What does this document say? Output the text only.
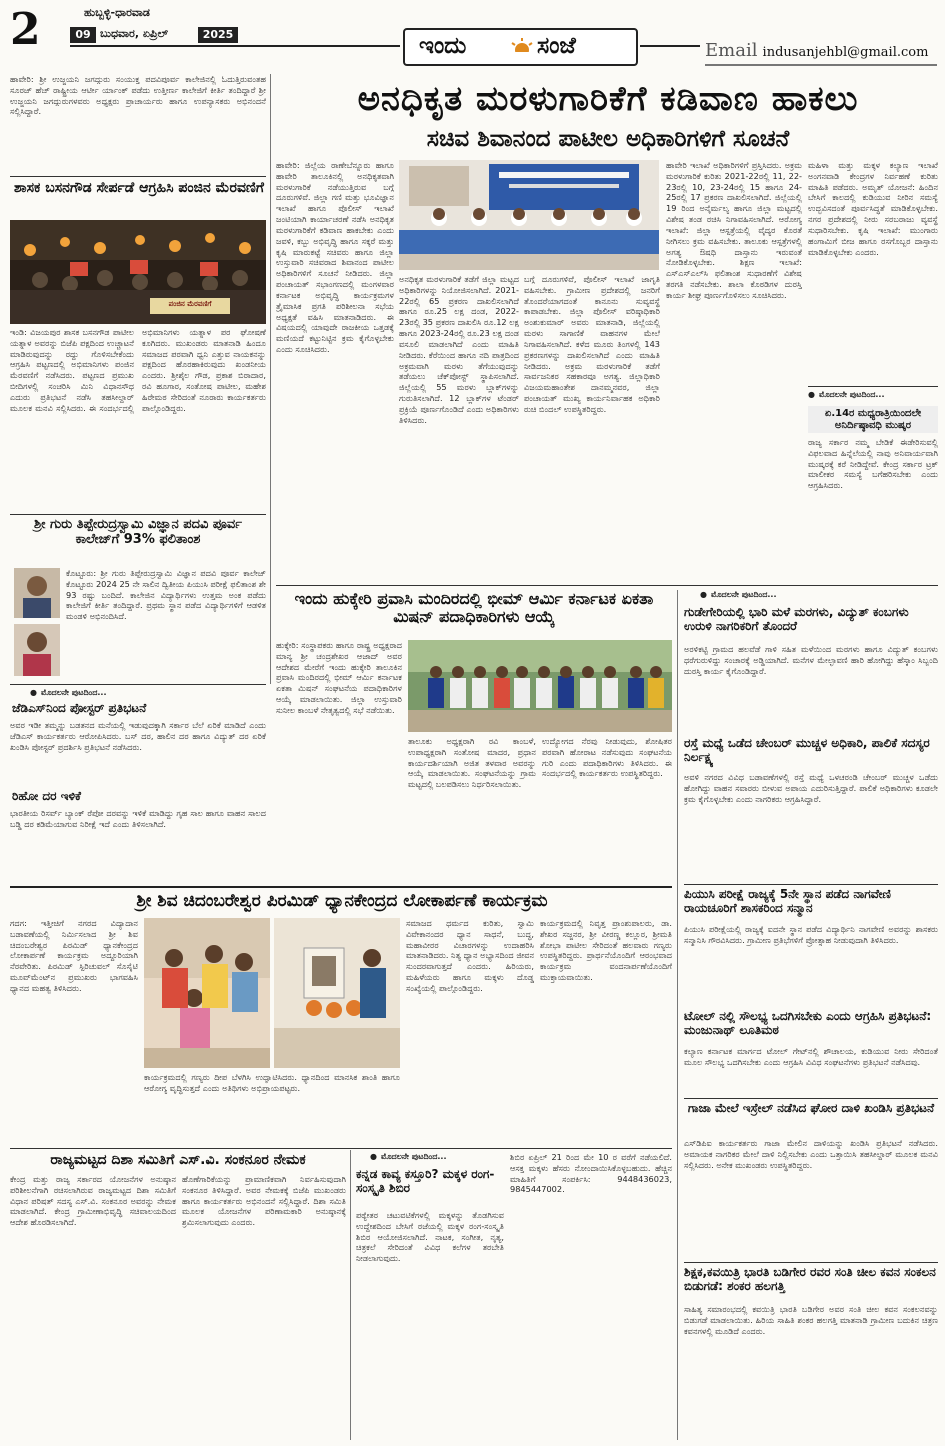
2	ಹುಬ್ಬಳ್ಳಿ-ಧಾರವಾಡ
09 ಬುಧವಾರ, ಏಪ್ರಿಲ್	2025	ಇಂದು	ಸಂಜೆ	Email indusanjehbl@gmail.com
ಹಾವೇರಿ: ಶ್ರೀ ಉಜ್ಜಯನಿ ಜಗದ್ಗುರು ಸಂಯುಕ್ತ ಪದವಿಪೂರ್ವ ಕಾಲೇಜಿನಲ್ಲಿ ಓದುತ್ತಿರುವಂತಹ ಸೂರಜ್ ಹೆಚ್ ರಾಷ್ಟ್ರೀಯ ಆರ್ಟೀ ರ್ಯಾಂಕ್ ಪಡೆದು ಉತ್ತೀರ್ಣ ಕಾಲೇಜಿಗೆ ಕೀರ್ತಿ ತಂದಿದ್ದಾರೆ ಶ್ರೀ ಉಜ್ಜಯನಿ ಜಗದ್ಗುರುಗಳವರು ಅಧ್ಯಕ್ಷರು ಪ್ರಾಚಾರ್ಯರು ಹಾಗೂ ಉಪನ್ಯಾಸಕರು ಅಭಿನಂದನೆ ಸಲ್ಲಿಸಿದ್ದಾರೆ.
ಶಾಸಕ ಬಸನಗೌಡ ಸೇರ್ಪಡೆ ಆಗ್ರಹಿಸಿ ಪಂಜಿನ ಮೆರವಣಿಗೆ
ಪಂಜಿನ ಮೆರವಣಿಗೆ
ಇಂಡಿ: ವಿಜಯಪುರ ಶಾಸಕ ಬಸನಗೌಡ ಪಾಟೀಲ ಯತ್ನಾಳ ಅವರನ್ನು ಬಿಜೆಪಿ ಪಕ್ಷದಿಂದ ಉಚ್ಚಾಟನೆ ಮಾಡಿರುವುದನ್ನು ರದ್ದು ಗೊಳಿಸಬೇಕೆಂದು ಆಗ್ರಹಿಸಿ ಪಟ್ಟಣದಲ್ಲಿ ಅಭಿಮಾನಿಗಳು ಪಂಜಿನ ಮೆರವಣಿಗೆ ನಡೆಸಿದರು. ಪಟ್ಟಣದ ಪ್ರಮುಖ ಬೀದಿಗಳಲ್ಲಿ ಸಂಚರಿಸಿ ಮಿನಿ ವಿಧಾನಸೌಧ ಎದುರು ಪ್ರತಿಭಟನೆ ನಡೆಸಿ ತಹಸೀಲ್ದಾರ್ ಮೂಲಕ ಮನವಿ ಸಲ್ಲಿಸಿದರು. ಈ ಸಂದರ್ಭದಲ್ಲಿ ಅಭಿಮಾನಿಗಳು ಯತ್ನಾಳ ಪರ ಘೋಷಣೆ ಕೂಗಿದರು. ಮುಖಂಡರು ಮಾತನಾಡಿ ಹಿಂದೂ ಸಮಾಜದ ಪರವಾಗಿ ಧ್ವನಿ ಎತ್ತುವ ನಾಯಕನನ್ನು ಪಕ್ಷದಿಂದ ಹೊರಹಾಕಿರುವುದು ಖಂಡನೀಯ ಎಂದರು. ಶ್ರೀಶೈಲ ಗೌಡ, ಪ್ರಕಾಶ ಬಿರಾದಾರ, ರವಿ ಹೂಗಾರ, ಸಂತೋಷ ಪಾಟೀಲ, ಮಹೇಶ ಹಿರೇಮಠ ಸೇರಿದಂತೆ ನೂರಾರು ಕಾರ್ಯಕರ್ತರು ಪಾಲ್ಗೊಂಡಿದ್ದರು.
ಶ್ರೀ ಗುರು ತಿಪ್ಪೇರುದ್ರಸ್ವಾಮಿ ವಿಜ್ಞಾನ ಪದವಿ ಪೂರ್ವ ಕಾಲೇಜ್‌ಗೆ 93% ಫಲಿತಾಂಶ
ಕೊಟ್ಟೂರು: ಶ್ರೀ ಗುರು ತಿಪ್ಪೇರುದ್ರಸ್ವಾಮಿ ವಿಜ್ಞಾನ ಪದವಿ ಪೂರ್ವ ಕಾಲೇಜ್ ಕೊಟ್ಟೂರು 2024 25 ನೇ ಸಾಲಿನ ದ್ವಿತೀಯ ಪಿಯುಸಿ ಪರೀಕ್ಷೆ ಫಲಿತಾಂಶ ಶೇ 93 ರಷ್ಟು ಬಂದಿದೆ. ಕಾಲೇಜಿನ ವಿದ್ಯಾರ್ಥಿಗಳು ಉತ್ತಮ ಅಂಕ ಪಡೆದು ಕಾಲೇಜಿಗೆ ಕೀರ್ತಿ ತಂದಿದ್ದಾರೆ. ಪ್ರಥಮ ಸ್ಥಾನ ಪಡೆದ ವಿದ್ಯಾರ್ಥಿಗಳಿಗೆ ಆಡಳಿತ ಮಂಡಳಿ ಅಭಿನಂದಿಸಿದೆ.
ಅನಧಿಕೃತ ಮರಳುಗಾರಿಕೆಗೆ ಕಡಿವಾಣ ಹಾಕಲು
ಸಚಿವ ಶಿವಾನಂದ ಪಾಟೀಲ ಅಧಿಕಾರಿಗಳಿಗೆ ಸೂಚನೆ
ಹಾವೇರಿ: ಜಿಲ್ಲೆಯ ರಾಣೇಬೆನ್ನೂರು ಹಾಗೂ ಹಾವೇರಿ ತಾಲೂಕಿನಲ್ಲಿ ಅನಧಿಕೃತವಾಗಿ ಮರಳುಗಾರಿಕೆ ನಡೆಯುತ್ತಿರುವ ಬಗ್ಗೆ ದೂರುಗಳಿವೆ. ಜಿಲ್ಲಾ ಗಣಿ ಮತ್ತು ಭೂವಿಜ್ಞಾನ ಇಲಾಖೆ ಹಾಗೂ ಪೊಲೀಸ್ ಇಲಾಖೆ ಜಂಟಿಯಾಗಿ ಕಾರ್ಯಾಚರಣೆ ನಡೆಸಿ ಅನಧಿಕೃತ ಮರಳುಗಾರಿಕೆಗೆ ಕಡಿವಾಣ ಹಾಕಬೇಕು ಎಂದು ಜವಳಿ, ಕಬ್ಬು ಅಭಿವೃದ್ಧಿ ಹಾಗೂ ಸಕ್ಕರೆ ಮತ್ತು ಕೃಷಿ ಮಾರುಕಟ್ಟೆ ಸಚಿವರು ಹಾಗೂ ಜಿಲ್ಲಾ ಉಸ್ತುವಾರಿ ಸಚಿವರಾದ ಶಿವಾನಂದ ಪಾಟೀಲ ಅಧಿಕಾರಿಗಳಿಗೆ ಸೂಚನೆ ನೀಡಿದರು. ಜಿಲ್ಲಾ ಪಂಚಾಯತ್ ಸಭಾಂಗಣದಲ್ಲಿ ಮಂಗಳವಾರ ಕರ್ನಾಟಕ ಅಭಿವೃದ್ಧಿ ಕಾರ್ಯಕ್ರಮಗಳ ತ್ರೈಮಾಸಿಕ ಪ್ರಗತಿ ಪರಿಶೀಲನಾ ಸಭೆಯ ಅಧ್ಯಕ್ಷತೆ ವಹಿಸಿ ಮಾತನಾಡಿದರು. ಈ ವಿಷಯದಲ್ಲಿ ಯಾವುದೇ ರಾಜಕೀಯ ಒತ್ತಡಕ್ಕೆ ಮಣಿಯದೆ ಕಟ್ಟುನಿಟ್ಟಿನ ಕ್ರಮ ಕೈಗೊಳ್ಳಬೇಕು ಎಂದು ಸೂಚಿಸಿದರು.
ಅನಧಿಕೃತ ಮರಳುಗಾರಿಕೆ ತಡೆಗೆ ಜಿಲ್ಲಾ ಮಟ್ಟದ ಅಧಿಕಾರಿಗಳನ್ನು ನಿಯೋಜಿಸಲಾಗಿದೆ. 2021-22ರಲ್ಲಿ 65 ಪ್ರಕರಣ ದಾಖಲಿಸಲಾಗಿದೆ ಹಾಗೂ ರೂ.25 ಲಕ್ಷ ದಂಡ, 2022-23ರಲ್ಲಿ 35 ಪ್ರಕರಣ ದಾಖಲಿಸಿ ರೂ.12 ಲಕ್ಷ ಹಾಗೂ 2023-24ರಲ್ಲಿ ರೂ.23 ಲಕ್ಷ ದಂಡ ವಸೂಲಿ ಮಾಡಲಾಗಿದೆ ಎಂದು ಮಾಹಿತಿ ನೀಡಿದರು. ಕೆರೆಯಿಂದ ಹಾಗೂ ನದಿ ಪಾತ್ರದಿಂದ ಅಕ್ರಮವಾಗಿ ಮರಳು ತೆಗೆಯುವುದನ್ನು ತಡೆಯಲು ಚೆಕ್‌ಪೋಸ್ಟ್ ಸ್ಥಾಪಿಸಲಾಗಿದೆ. ಜಿಲ್ಲೆಯಲ್ಲಿ 55 ಮರಳು ಬ್ಲಾಕ್‌ಗಳನ್ನು ಗುರುತಿಸಲಾಗಿದೆ. 12 ಬ್ಲಾಕ್‌ಗಳ ಟೆಂಡರ್ ಪ್ರಕ್ರಿಯೆ ಪೂರ್ಣಗೊಂಡಿದೆ ಎಂದು ಅಧಿಕಾರಿಗಳು ತಿಳಿಸಿದರು.
ಬಗ್ಗೆ ದೂರುಗಳಿವೆ, ಪೊಲೀಸ್ ಇಲಾಖೆ ಜಾಗೃತಿ ವಹಿಸಬೇಕು. ಗ್ರಾಮೀಣ ಪ್ರದೇಶದಲ್ಲಿ ಜನರಿಗೆ ತೊಂದರೆಯಾಗದಂತೆ ಕಾನೂನು ಸುವ್ಯವಸ್ಥೆ ಕಾಪಾಡಬೇಕು. ಜಿಲ್ಲಾ ಪೊಲೀಸ್ ವರಿಷ್ಠಾಧಿಕಾರಿ ಅಂಶುಕುಮಾರ್ ಅವರು ಮಾತನಾಡಿ, ಜಿಲ್ಲೆಯಲ್ಲಿ ಮರಳು ಸಾಗಾಣಿಕೆ ವಾಹನಗಳ ಮೇಲೆ ನಿಗಾವಹಿಸಲಾಗಿದೆ. ಕಳೆದ ಮೂರು ತಿಂಗಳಲ್ಲಿ 143 ಪ್ರಕರಣಗಳನ್ನು ದಾಖಲಿಸಲಾಗಿದೆ ಎಂದು ಮಾಹಿತಿ ನೀಡಿದರು. ಅಕ್ರಮ ಮರಳುಗಾರಿಕೆ ತಡೆಗೆ ಸಾರ್ವಜನಿಕರ ಸಹಕಾರವೂ ಅಗತ್ಯ. ಜಿಲ್ಲಾಧಿಕಾರಿ ವಿಜಯಮಹಾಂತೇಶ ದಾನಮ್ಮನವರ, ಜಿಲ್ಲಾ ಪಂಚಾಯತ್ ಮುಖ್ಯ ಕಾರ್ಯನಿರ್ವಾಹಕ ಅಧಿಕಾರಿ ರುಚಿ ಬಿಂದಲ್ ಉಪಸ್ಥಿತರಿದ್ದರು.
ಹಾವೇರಿ ಇಲಾಖೆ ಅಧಿಕಾರಿಗಳಿಗೆ ಪ್ರಸ್ತಿಸಿದರು. ಅಕ್ರಮ ಮರಳುಗಾರಿಕೆ ಕುರಿತು 2021-22ರಲ್ಲಿ 11, 22-23ರಲ್ಲಿ 10, 23-24ರಲ್ಲಿ 15 ಹಾಗೂ 24-25ರಲ್ಲಿ 17 ಪ್ರಕರಣ ದಾಖಲಿಸಲಾಗಿದೆ. ಜಿಲ್ಲೆಯಲ್ಲಿ 19 ರಿಂದ ಅನೈರ್ಮಲ್ಯ ಹಾಗೂ ಜಿಲ್ಲಾ ಮಟ್ಟದಲ್ಲಿ ವಿಶೇಷ ತಂಡ ರಚಿಸಿ ನಿಗಾವಹಿಸಲಾಗಿದೆ. ಆರೋಗ್ಯ ಇಲಾಖೆ: ಜಿಲ್ಲಾ ಆಸ್ಪತ್ರೆಯಲ್ಲಿ ವೈದ್ಯರ ಕೊರತೆ ನೀಗಿಸಲು ಕ್ರಮ ವಹಿಸಬೇಕು. ತಾಲೂಕು ಆಸ್ಪತ್ರೆಗಳಲ್ಲಿ ಅಗತ್ಯ ಔಷಧಿ ದಾಸ್ತಾನು ಇರುವಂತೆ ನೋಡಿಕೊಳ್ಳಬೇಕು. ಶಿಕ್ಷಣ ಇಲಾಖೆ: ಎಸ್‌ಎಸ್‌ಎಲ್‌ಸಿ ಫಲಿತಾಂಶ ಸುಧಾರಣೆಗೆ ವಿಶೇಷ ತರಗತಿ ನಡೆಸಬೇಕು. ಶಾಲಾ ಕೊಠಡಿಗಳ ದುರಸ್ತಿ ಕಾರ್ಯ ಶೀಘ್ರ ಪೂರ್ಣಗೊಳಿಸಲು ಸೂಚಿಸಿದರು.
ಮಹಿಳಾ ಮತ್ತು ಮಕ್ಕಳ ಕಲ್ಯಾಣ ಇಲಾಖೆ ಅಂಗನವಾಡಿ ಕೇಂದ್ರಗಳ ನಿರ್ವಹಣೆ ಕುರಿತು ಮಾಹಿತಿ ಪಡೆದರು. ಅಮೃತ್ ಯೋಜನೆ: ಹಿಂದಿನ ಬೇಸಿಗೆ ಕಾಲದಲ್ಲಿ ಕುಡಿಯುವ ನೀರಿನ ಸಮಸ್ಯೆ ಉದ್ಭವಿಸದಂತೆ ಪೂರ್ವಸಿದ್ಧತೆ ಮಾಡಿಕೊಳ್ಳಬೇಕು. ನಗರ ಪ್ರದೇಶದಲ್ಲಿ ನೀರು ಸರಬರಾಜು ವ್ಯವಸ್ಥೆ ಸುಧಾರಿಸಬೇಕು. ಕೃಷಿ ಇಲಾಖೆ: ಮುಂಗಾರು ಹಂಗಾಮಿಗೆ ಬೀಜ ಹಾಗೂ ರಸಗೊಬ್ಬರ ದಾಸ್ತಾನು ಮಾಡಿಕೊಳ್ಳಬೇಕು ಎಂದರು.
● ಮೊದಲನೇ ಪುಟದಿಂದ...
ಏ.14ರ ಮಧ್ಯರಾತ್ರಿಯಿಂದಲೇ ಅನಿರ್ದಿಷ್ಠಾವಧಿ ಮುಷ್ಕರ
ರಾಜ್ಯ ಸರ್ಕಾರ ನಮ್ಮ ಬೇಡಿಕೆ ಈಡೇರಿಸುವಲ್ಲಿ ವಿಫಲವಾದ ಹಿನ್ನೆಲೆಯಲ್ಲಿ ನಾವು ಅನಿವಾರ್ಯವಾಗಿ ಮುಷ್ಕರಕ್ಕೆ ಕರೆ ನೀಡಿದ್ದೇವೆ. ಕೇಂದ್ರ ಸರ್ಕಾರ ಟ್ರಕ್ ಮಾಲೀಕರ ಸಮಸ್ಯೆ ಬಗೆಹರಿಸಬೇಕು ಎಂದು ಆಗ್ರಹಿಸಿದರು.
ಇಂದು ಹುಕ್ಕೇರಿ ಪ್ರವಾಸಿ ಮಂದಿರದಲ್ಲಿ ಭೀಮ್ ಆರ್ಮಿ ಕರ್ನಾಟಕ ಏಕತಾ ಮಿಷನ್ ಪದಾಧಿಕಾರಿಗಳು ಆಯ್ಕೆ
ಹುಕ್ಕೇರಿ: ಸಂಸ್ಥಾಪಕರು ಹಾಗೂ ರಾಷ್ಟ್ರ ಅಧ್ಯಕ್ಷರಾದ ಮಾನ್ಯ ಶ್ರೀ ಚಂದ್ರಶೇಖರ ಆಜಾದ್ ಅವರ ಆದೇಶದ ಮೇರೆಗೆ ಇಂದು ಹುಕ್ಕೇರಿ ತಾಲೂಕಿನ ಪ್ರವಾಸಿ ಮಂದಿರದಲ್ಲಿ ಭೀಮ್ ಆರ್ಮಿ ಕರ್ನಾಟಕ ಏಕತಾ ಮಿಷನ್ ಸಂಘಟನೆಯ ಪದಾಧಿಕಾರಿಗಳ ಆಯ್ಕೆ ಮಾಡಲಾಯಿತು. ಜಿಲ್ಲಾ ಉಸ್ತುವಾರಿ ಸುನೀಲ ಕಾಂಬಳೆ ನೇತೃತ್ವದಲ್ಲಿ ಸಭೆ ನಡೆಯಿತು.
ತಾಲೂಕು ಅಧ್ಯಕ್ಷರಾಗಿ ರವಿ ಕಾಂಬಳೆ, ಉಪಾಧ್ಯಕ್ಷರಾಗಿ ಸಂತೋಷ ಮಾದರ, ಪ್ರಧಾನ ಕಾರ್ಯದರ್ಶಿಯಾಗಿ ಅಜಿತ ತಳವಾರ ಅವರನ್ನು ಆಯ್ಕೆ ಮಾಡಲಾಯಿತು. ಸಂಘಟನೆಯನ್ನು ಗ್ರಾಮ ಮಟ್ಟದಲ್ಲಿ ಬಲಪಡಿಸಲು ನಿರ್ಧರಿಸಲಾಯಿತು.
ಉದ್ಯೋಗದ ನೆರವು ನೀಡುವುದು, ಶೋಷಿತರ ಪರವಾಗಿ ಹೋರಾಟ ನಡೆಸುವುದು ಸಂಘಟನೆಯ ಗುರಿ ಎಂದು ಪದಾಧಿಕಾರಿಗಳು ತಿಳಿಸಿದರು. ಈ ಸಂದರ್ಭದಲ್ಲಿ ಕಾರ್ಯಕರ್ತರು ಉಪಸ್ಥಿತರಿದ್ದರು.
● ಮೊದಲನೇ ಪುಟದಿಂದ...
ಜೆಡಿಎಸ್‌ನಿಂದ ಪೋಸ್ಟರ್ ಪ್ರತಿಭಟನೆ
ಅವರ ಇಡೀ ತಮ್ಮನ್ನು ಬಡತನದ ಮನೆಯಲ್ಲಿ ಇಡುವುದಕ್ಕಾಗಿ ಸರ್ಕಾರ ಬೆಲೆ ಏರಿಕೆ ಮಾಡಿದೆ ಎಂದು ಜೆಡಿಎಸ್ ಕಾರ್ಯಕರ್ತರು ಆರೋಪಿಸಿದರು. ಬಸ್ ದರ, ಹಾಲಿನ ದರ ಹಾಗೂ ವಿದ್ಯುತ್ ದರ ಏರಿಕೆ ಖಂಡಿಸಿ ಪೋಸ್ಟರ್ ಪ್ರದರ್ಶಿಸಿ ಪ್ರತಿಭಟನೆ ನಡೆಸಿದರು.
ರಿಹೋ ದರ ಇಳಿಕೆ
ಭಾರತೀಯ ರಿಸರ್ವ್ ಬ್ಯಾಂಕ್ ರೆಪೋ ದರವನ್ನು ಇಳಿಕೆ ಮಾಡಿದ್ದು ಗೃಹ ಸಾಲ ಹಾಗೂ ವಾಹನ ಸಾಲದ ಬಡ್ಡಿ ದರ ಕಡಿಮೆಯಾಗುವ ನಿರೀಕ್ಷೆ ಇದೆ ಎಂದು ತಿಳಿಸಲಾಗಿದೆ.
● ಮೊದಲನೇ ಪುಟದಿಂದ...
ಗುಡೇಗೇರಿಯಲ್ಲಿ ಭಾರಿ ಮಳೆ ಮರಗಳು, ವಿದ್ಯುತ್ ಕಂಬಗಳು ಉರುಳಿ ನಾಗರಿಕರಿಗೆ ತೊಂದರೆ
ಅರಳಿಕಟ್ಟಿ ಗ್ರಾಮದ ಹಲವೆಡೆ ಗಾಳಿ ಸಹಿತ ಮಳೆಯಿಂದ ಮರಗಳು ಹಾಗೂ ವಿದ್ಯುತ್ ಕಂಬಗಳು ಧರೆಗುರುಳಿದ್ದು ಸಂಚಾರಕ್ಕೆ ಅಡ್ಡಿಯಾಗಿದೆ. ಮನೆಗಳ ಮೇಲ್ಛಾವಣಿ ಹಾರಿ ಹೋಗಿದ್ದು ಹೆಸ್ಕಾಂ ಸಿಬ್ಬಂದಿ ದುರಸ್ತಿ ಕಾರ್ಯ ಕೈಗೊಂಡಿದ್ದಾರೆ.
ರಸ್ತೆ ಮಧ್ಯೆ ಒಡೆದ ಚೇಂಬರ್ ಮುಚ್ಚಳ ಅಧಿಕಾರಿ, ಪಾಲಿಕೆ ಸದಸ್ಯರ ನಿರ್ಲಕ್ಷ್ಯ
ಅವಳಿ ನಗರದ ವಿವಿಧ ಬಡಾವಣೆಗಳಲ್ಲಿ ರಸ್ತೆ ಮಧ್ಯೆ ಒಳಚರಂಡಿ ಚೇಂಬರ್ ಮುಚ್ಚಳ ಒಡೆದು ಹೋಗಿದ್ದು ವಾಹನ ಸವಾರರು ಬೀಳುವ ಅಪಾಯ ಎದುರಿಸುತ್ತಿದ್ದಾರೆ. ಪಾಲಿಕೆ ಅಧಿಕಾರಿಗಳು ಕೂಡಲೇ ಕ್ರಮ ಕೈಗೊಳ್ಳಬೇಕು ಎಂದು ನಾಗರಿಕರು ಆಗ್ರಹಿಸಿದ್ದಾರೆ.
ಪಿಯುಸಿ ಪರೀಕ್ಷೆ ರಾಜ್ಯಕ್ಕೆ 5ನೇ ಸ್ಥಾನ ಪಡೆದ ನಾಗವೇಣಿ ರಾಯಚೂರಿಗೆ ಶಾಸಕರಿಂದ ಸನ್ಮಾನ
ಪಿಯುಸಿ ಪರೀಕ್ಷೆಯಲ್ಲಿ ರಾಜ್ಯಕ್ಕೆ ಐದನೇ ಸ್ಥಾನ ಪಡೆದ ವಿದ್ಯಾರ್ಥಿನಿ ನಾಗವೇಣಿ ಅವರನ್ನು ಶಾಸಕರು ಸನ್ಮಾನಿಸಿ ಗೌರವಿಸಿದರು. ಗ್ರಾಮೀಣ ಪ್ರತಿಭೆಗಳಿಗೆ ಪ್ರೋತ್ಸಾಹ ನೀಡುವುದಾಗಿ ತಿಳಿಸಿದರು.
ಟೋಲ್ ನಲ್ಲಿ ಸೌಲಭ್ಯ ಒದಗಿಸಬೇಕು ಎಂದು ಆಗ್ರಹಿಸಿ ಪ್ರತಿಭಟನೆ: ಮಂಜುನಾಥ್ ಲೂತಿಮಠ
ಕಲ್ಯಾಣ ಕರ್ನಾಟಕ ಮಾರ್ಗದ ಟೋಲ್ ಗೇಟ್‌ನಲ್ಲಿ ಶೌಚಾಲಯ, ಕುಡಿಯುವ ನೀರು ಸೇರಿದಂತೆ ಮೂಲ ಸೌಲಭ್ಯ ಒದಗಿಸಬೇಕು ಎಂದು ಆಗ್ರಹಿಸಿ ವಿವಿಧ ಸಂಘಟನೆಗಳು ಪ್ರತಿಭಟನೆ ನಡೆಸಿದವು.
ಗಾಜಾ ಮೇಲೆ ಇಸ್ರೇಲ್ ನಡೆಸಿದ ಘೋರ ದಾಳಿ ಖಂಡಿಸಿ ಪ್ರತಿಭಟನೆ
ಎಸ್‌ಡಿಪಿಐ ಕಾರ್ಯಕರ್ತರು ಗಾಜಾ ಮೇಲಿನ ದಾಳಿಯನ್ನು ಖಂಡಿಸಿ ಪ್ರತಿಭಟನೆ ನಡೆಸಿದರು. ಅಮಾಯಕ ನಾಗರಿಕರ ಮೇಲೆ ದಾಳಿ ನಿಲ್ಲಿಸಬೇಕು ಎಂದು ಒತ್ತಾಯಿಸಿ ತಹಸೀಲ್ದಾರ್ ಮೂಲಕ ಮನವಿ ಸಲ್ಲಿಸಿದರು. ಅನೇಕ ಮುಖಂಡರು ಉಪಸ್ಥಿತರಿದ್ದರು.
ಶಿಕ್ಷಕ,ಕವಯಿತ್ರಿ ಭಾರತಿ ಬಡಿಗೇರ ರವರ ಸಂತಿ ಚೀಲ ಕವನ ಸಂಕಲನ ಬಿಡುಗಡೆ: ಶಂಕರ ಹಲಗತ್ತಿ
ಸಾಹಿತ್ಯ ಸಮಾರಂಭದಲ್ಲಿ ಕವಯಿತ್ರಿ ಭಾರತಿ ಬಡಿಗೇರ ಅವರ ಸಂತಿ ಚೀಲ ಕವನ ಸಂಕಲನವನ್ನು ಬಿಡುಗಡೆ ಮಾಡಲಾಯಿತು. ಹಿರಿಯ ಸಾಹಿತಿ ಶಂಕರ ಹಲಗತ್ತಿ ಮಾತನಾಡಿ ಗ್ರಾಮೀಣ ಬದುಕಿನ ಚಿತ್ರಣ ಕವನಗಳಲ್ಲಿ ಮೂಡಿದೆ ಎಂದರು.
ಶ್ರೀ ಶಿವ ಚಿದಂಬರೇಶ್ವರ ಪಿರಮಿಡ್ ಧ್ಯಾನಕೇಂದ್ರದ ಲೋಕಾರ್ಪಣೆ ಕಾರ್ಯಕ್ರಮ
ಗದಗ: ಇತ್ತೀಚಿಗೆ ನಗರದ ವಿದ್ಯಾದಾನ ಬಡಾವಣೆಯಲ್ಲಿ ನಿರ್ಮಿಸಲಾದ ಶ್ರೀ ಶಿವ ಚಿದಂಬರೇಶ್ವರ ಪಿರಮಿಡ್ ಧ್ಯಾನಕೇಂದ್ರದ ಲೋಕಾರ್ಪಣೆ ಕಾರ್ಯಕ್ರಮ ಅದ್ದೂರಿಯಾಗಿ ನೆರವೇರಿತು. ಪಿರಮಿಡ್ ಸ್ಪಿರಿಚುವಲ್ ಸೊಸೈಟಿ ಮೂವ್‌ಮೆಂಟ್‌ನ ಪ್ರಮುಖರು ಭಾಗವಹಿಸಿ ಧ್ಯಾನದ ಮಹತ್ವ ತಿಳಿಸಿದರು.
ಕಾರ್ಯಕ್ರಮದಲ್ಲಿ ಗಣ್ಯರು ದೀಪ ಬೆಳಗಿಸಿ ಉದ್ಘಾಟಿಸಿದರು. ಧ್ಯಾನದಿಂದ ಮಾನಸಿಕ ಶಾಂತಿ ಹಾಗೂ ಆರೋಗ್ಯ ವೃದ್ಧಿಸುತ್ತದೆ ಎಂದು ಅತಿಥಿಗಳು ಅಭಿಪ್ರಾಯಪಟ್ಟರು.
ಸಮಾಜದ ಧರ್ಮದ ಕುರಿತು, ಸ್ವಾಮಿ ವಿವೇಕಾನಂದರ ಧ್ಯಾನ ಸಾಧನೆ, ಬುದ್ಧ, ಮಹಾವೀರರ ವಿಚಾರಗಳನ್ನು ಉದಾಹರಿಸಿ ಮಾತನಾಡಿದರು. ನಿತ್ಯ ಧ್ಯಾನ ಅಭ್ಯಾಸದಿಂದ ಜೀವನ ಸುಂದರವಾಗುತ್ತದೆ ಎಂದರು. ಹಿರಿಯರು, ಮಹಿಳೆಯರು ಹಾಗೂ ಮಕ್ಕಳು ದೊಡ್ಡ ಸಂಖ್ಯೆಯಲ್ಲಿ ಪಾಲ್ಗೊಂಡಿದ್ದರು.
ಕಾರ್ಯಕ್ರಮದಲ್ಲಿ ನಿವೃತ್ತ ಪ್ರಾಂಶುಪಾಲರು, ಡಾ. ಶೇಖರ ಸಜ್ಜನರ, ಶ್ರೀ ವೀರಣ್ಣ ಕಲ್ಲೂರ, ಶ್ರೀಮತಿ ಶೋಭಾ ಪಾಟೀಲ ಸೇರಿದಂತೆ ಹಲವಾರು ಗಣ್ಯರು ಉಪಸ್ಥಿತರಿದ್ದರು. ಪ್ರಾರ್ಥನೆಯೊಂದಿಗೆ ಆರಂಭವಾದ ಕಾರ್ಯಕ್ರಮ ವಂದನಾರ್ಪಣೆಯೊಂದಿಗೆ ಮುಕ್ತಾಯವಾಯಿತು.
ರಾಜ್ಯಮಟ್ಟದ ದಿಶಾ ಸಮಿತಿಗೆ ಎಸ್.ವಿ. ಸಂಕನೂರ ನೇಮಕ
ಕೇಂದ್ರ ಮತ್ತು ರಾಜ್ಯ ಸರ್ಕಾರದ ಯೋಜನೆಗಳ ಅನುಷ್ಠಾನ ಪರಿಶೀಲನೆಗಾಗಿ ರಚಿಸಲಾಗಿರುವ ರಾಜ್ಯಮಟ್ಟದ ದಿಶಾ ಸಮಿತಿಗೆ ವಿಧಾನ ಪರಿಷತ್ ಸದಸ್ಯ ಎಸ್.ವಿ. ಸಂಕನೂರ ಅವರನ್ನು ನೇಮಕ ಮಾಡಲಾಗಿದೆ. ಕೇಂದ್ರ ಗ್ರಾಮೀಣಾಭಿವೃದ್ಧಿ ಸಚಿವಾಲಯದಿಂದ ಆದೇಶ ಹೊರಡಿಸಲಾಗಿದೆ.
ಹೊಣೆಗಾರಿಕೆಯನ್ನು ಪ್ರಾಮಾಣಿಕವಾಗಿ ನಿರ್ವಹಿಸುವುದಾಗಿ ಸಂಕನೂರ ತಿಳಿಸಿದ್ದಾರೆ. ಅವರ ನೇಮಕಕ್ಕೆ ಬಿಜೆಪಿ ಮುಖಂಡರು ಹಾಗೂ ಕಾರ್ಯಕರ್ತರು ಅಭಿನಂದನೆ ಸಲ್ಲಿಸಿದ್ದಾರೆ. ದಿಶಾ ಸಮಿತಿ ಮೂಲಕ ಯೋಜನೆಗಳ ಪರಿಣಾಮಕಾರಿ ಅನುಷ್ಠಾನಕ್ಕೆ ಶ್ರಮಿಸಲಾಗುವುದು ಎಂದರು.
● ಮೊದಲನೇ ಪುಟದಿಂದ...
ಕನ್ನಡ ಕಾವ್ಯ ಕಸ್ತೂರಿ? ಮಕ್ಕಳ ರಂಗ- ಸಂಸ್ಕೃತಿ ಶಿಬಿರ
ಪಠ್ಯೇತರ ಚಟುವಟಿಕೆಗಳಲ್ಲಿ ಮಕ್ಕಳನ್ನು ತೊಡಗಿಸುವ ಉದ್ದೇಶದಿಂದ ಬೇಸಿಗೆ ರಜೆಯಲ್ಲಿ ಮಕ್ಕಳ ರಂಗ-ಸಂಸ್ಕೃತಿ ಶಿಬಿರ ಆಯೋಜಿಸಲಾಗಿದೆ. ನಾಟಕ, ಸಂಗೀತ, ನೃತ್ಯ, ಚಿತ್ರಕಲೆ ಸೇರಿದಂತೆ ವಿವಿಧ ಕಲೆಗಳ ತರಬೇತಿ ನೀಡಲಾಗುವುದು.
ಶಿಬಿರ ಏಪ್ರಿಲ್ 21 ರಿಂದ ಮೇ 10 ರ ವರೆಗೆ ನಡೆಯಲಿದೆ. ಆಸಕ್ತ ಮಕ್ಕಳು ಹೆಸರು ನೋಂದಾಯಿಸಿಕೊಳ್ಳಬಹುದು. ಹೆಚ್ಚಿನ ಮಾಹಿತಿಗೆ ಸಂಪರ್ಕಿಸಿ: 9448436023, 9845447002.
